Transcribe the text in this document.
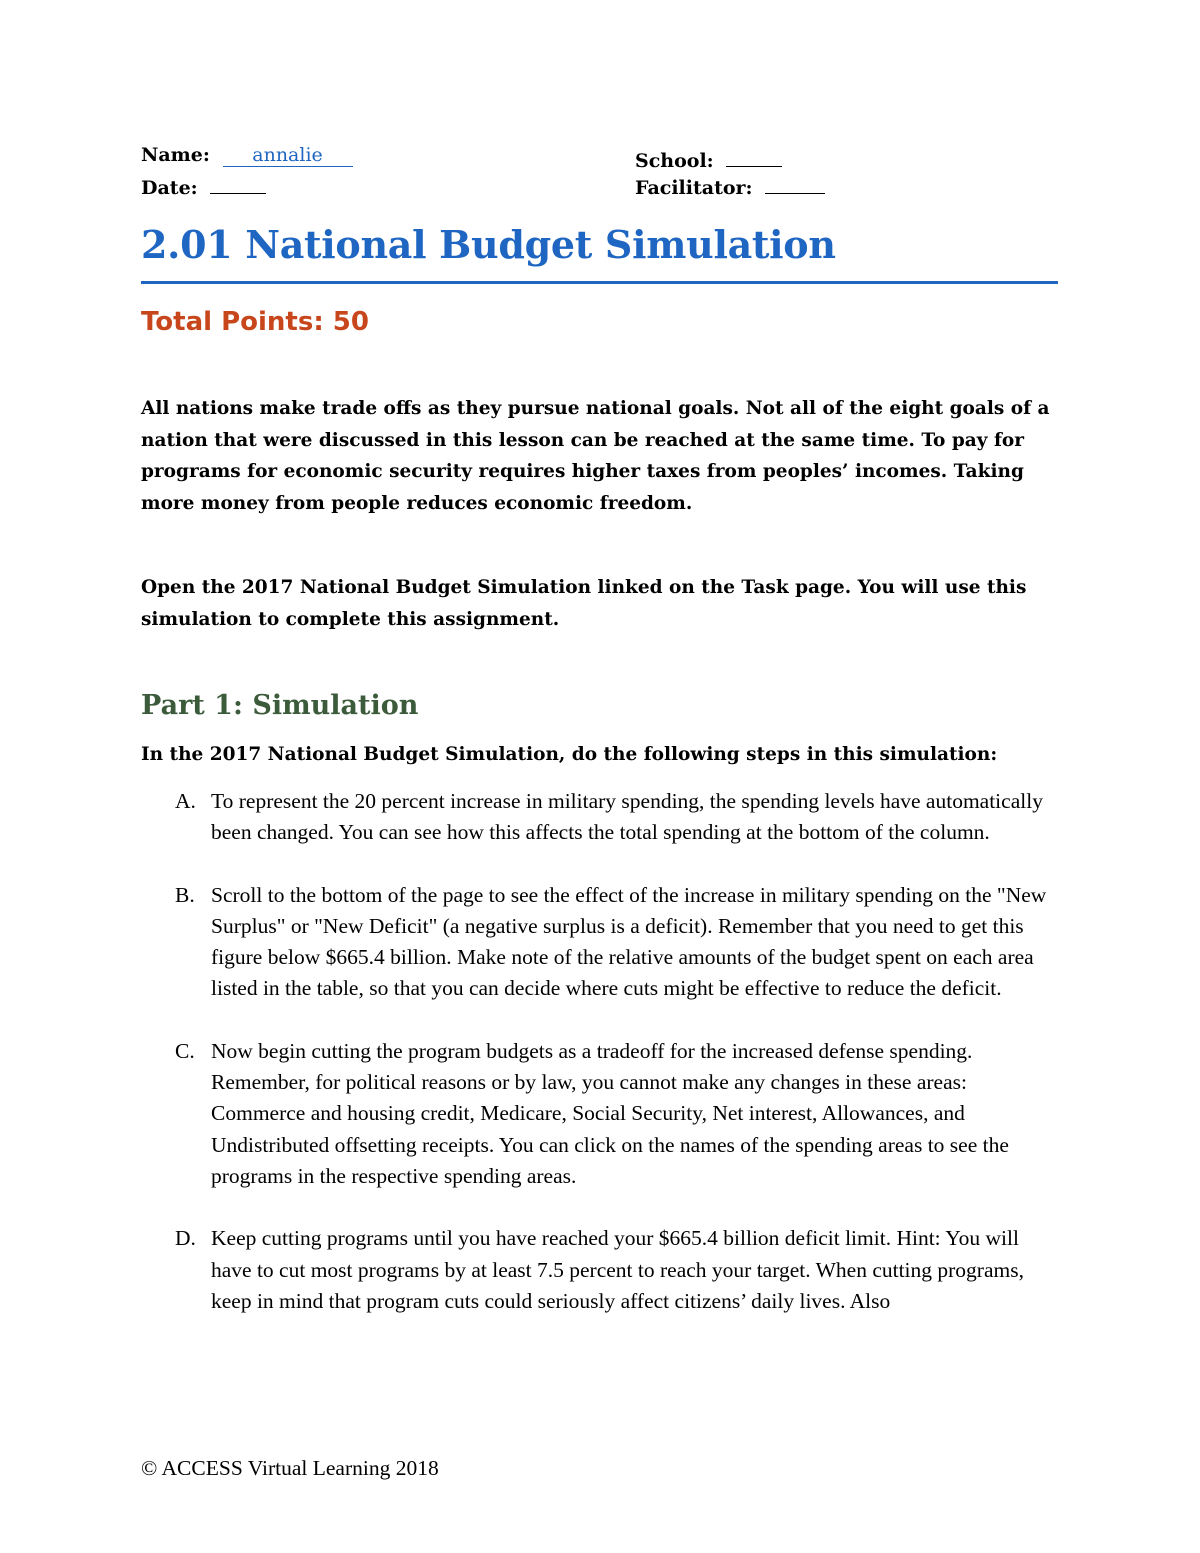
Name: annalie
Date:
School:
Facilitator:
2.01 National Budget Simulation
Total Points: 50
All nations make trade offs as they pursue national goals. Not all of the eight goals of a nation that were discussed in this lesson can be reached at the same time. To pay for programs for economic security requires higher taxes from peoples’ incomes. Taking more money from people reduces economic freedom.
Open the 2017 National Budget Simulation linked on the Task page. You will use this simulation to complete this assignment.
Part 1: Simulation
In the 2017 National Budget Simulation, do the following steps in this simulation:
A. To represent the 20 percent increase in military spending, the spending levels have automatically been changed. You can see how this affects the total spending at the bottom of the column.
B. Scroll to the bottom of the page to see the effect of the increase in military spending on the "New Surplus" or "New Deficit" (a negative surplus is a deficit). Remember that you need to get this figure below $665.4 billion. Make note of the relative amounts of the budget spent on each area listed in the table, so that you can decide where cuts might be effective to reduce the deficit.
C. Now begin cutting the program budgets as a tradeoff for the increased defense spending. Remember, for political reasons or by law, you cannot make any changes in these areas: Commerce and housing credit, Medicare, Social Security, Net interest, Allowances, and Undistributed offsetting receipts. You can click on the names of the spending areas to see the programs in the respective spending areas.
D. Keep cutting programs until you have reached your $665.4 billion deficit limit. Hint: You will have to cut most programs by at least 7.5 percent to reach your target. When cutting programs, keep in mind that program cuts could seriously affect citizens’ daily lives. Also
© ACCESS Virtual Learning 2018
